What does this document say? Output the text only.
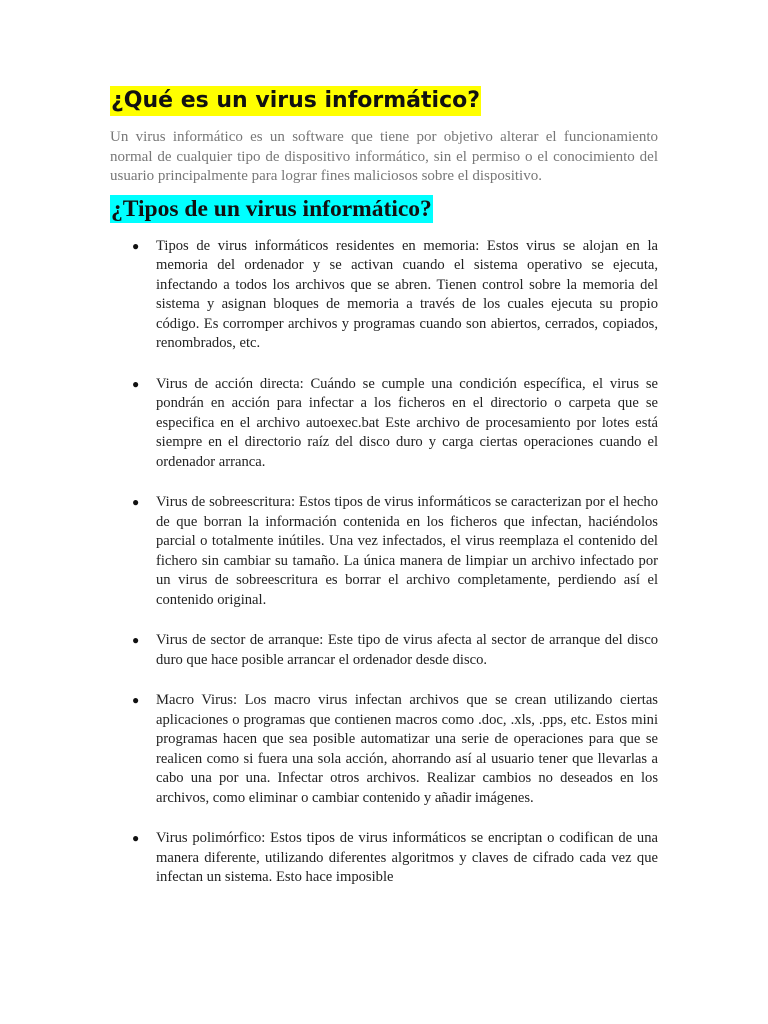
¿Qué es un virus informático?

Un virus informático es un software que tiene por objetivo alterar el funcionamiento normal de cualquier tipo de dispositivo informático, sin el permiso o el conocimiento del usuario principalmente para lograr fines maliciosos sobre el dispositivo.

¿Tipos de un virus informático?
● Tipos de virus informáticos residentes en memoria: Estos virus se alojan en la memoria del ordenador y se activan cuando el sistema operativo se ejecuta, infectando a todos los archivos que se abren. Tienen control sobre la memoria del sistema y asignan bloques de memoria a través de los cuales ejecuta su propio código. Es corromper archivos y programas cuando son abiertos, cerrados, copiados, renombrados, etc.
● Virus de acción directa: Cuándo se cumple una condición específica, el virus se pondrán en acción para infectar a los ficheros en el directorio o carpeta que se especifica en el archivo autoexec.bat Este archivo de procesamiento por lotes está siempre en el directorio raíz del disco duro y carga ciertas operaciones cuando el ordenador arranca.
● Virus de sobreescritura: Estos tipos de virus informáticos se caracterizan por el hecho de que borran la información contenida en los ficheros que infectan, haciéndolos parcial o totalmente inútiles. Una vez infectados, el virus reemplaza el contenido del fichero sin cambiar su tamaño. La única manera de limpiar un archivo infectado por un virus de sobreescritura es borrar el archivo completamente, perdiendo así el contenido original.
● Virus de sector de arranque: Este tipo de virus afecta al sector de arranque del disco duro que hace posible arrancar el ordenador desde disco.
● Macro Virus: Los macro virus infectan archivos que se crean utilizando ciertas aplicaciones o programas que contienen macros como .doc, .xls, .pps, etc. Estos mini programas hacen que sea posible automatizar una serie de operaciones para que se realicen como si fuera una sola acción, ahorrando así al usuario tener que llevarlas a cabo una por una. Infectar otros archivos. Realizar cambios no deseados en los archivos, como eliminar o cambiar contenido y añadir imágenes.
● Virus polimórfico: Estos tipos de virus informáticos se encriptan o codifican de una manera diferente, utilizando diferentes algoritmos y claves de cifrado cada vez que infectan un sistema. Esto hace imposible
